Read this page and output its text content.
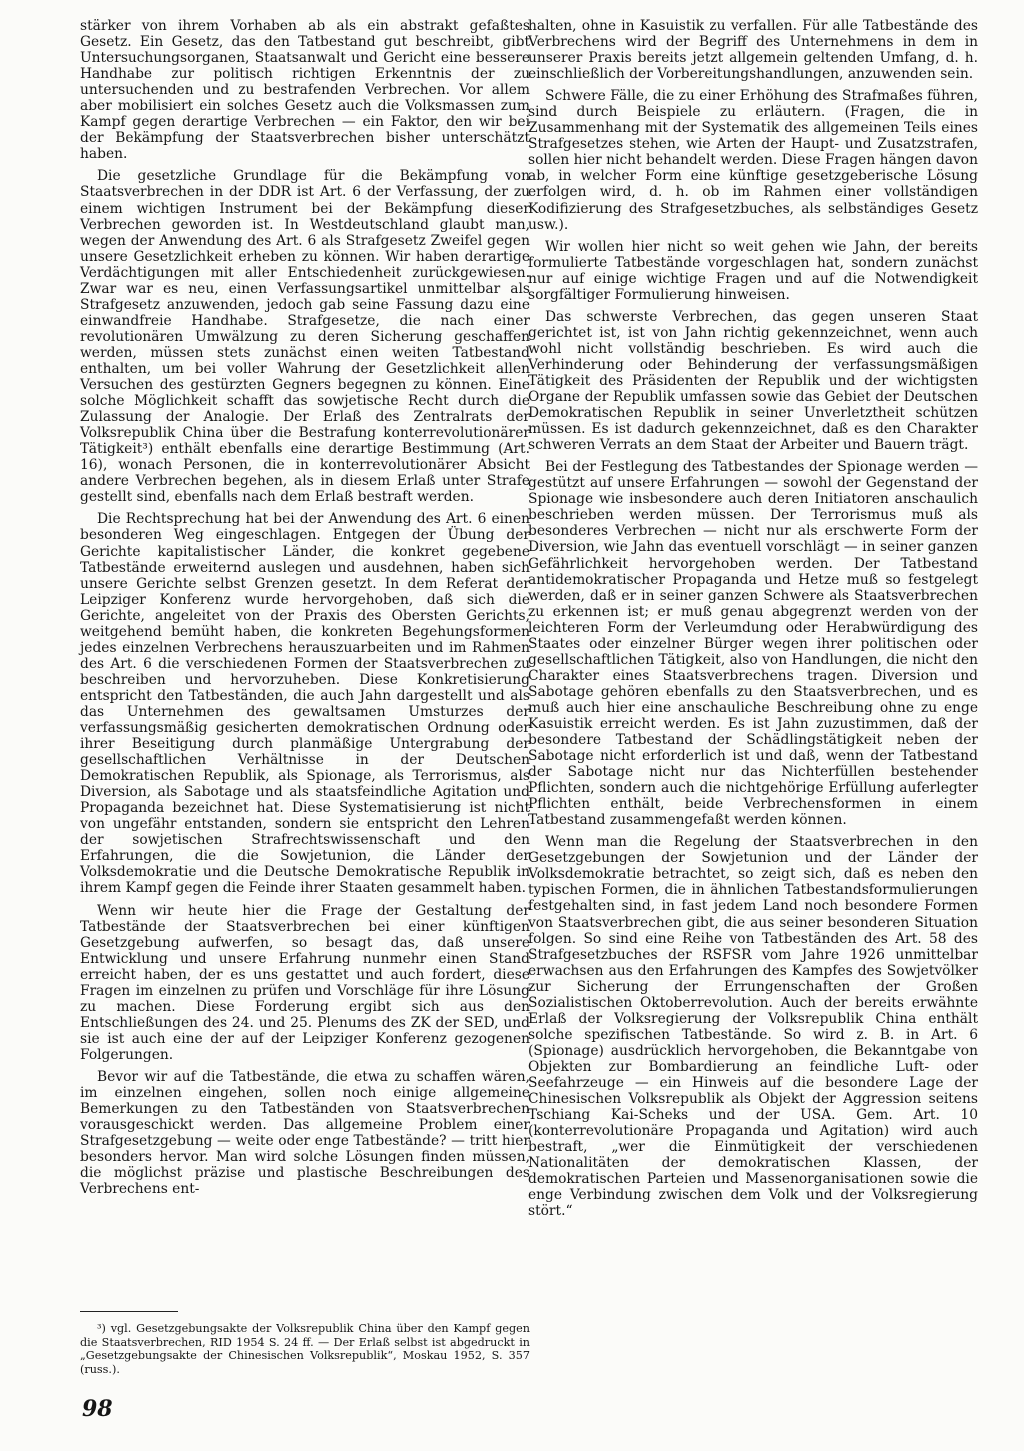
stärker von ihrem Vorhaben ab als ein abstrakt gefaßtes Gesetz. Ein Gesetz, das den Tatbestand gut beschreibt, gibt Untersuchungsorganen, Staatsanwalt und Gericht eine bessere Handhabe zur politisch richtigen Erkenntnis der zu untersuchenden und zu bestrafenden Verbrechen. Vor allem aber mobilisiert ein solches Gesetz auch die Volksmassen zum Kampf gegen derartige Verbrechen — ein Faktor, den wir bei der Bekämpfung der Staatsverbrechen bisher unterschätzt haben.

Die gesetzliche Grundlage für die Bekämpfung von Staatsverbrechen in der DDR ist Art. 6 der Verfassung, der zu einem wichtigen Instrument bei der Bekämpfung dieser Verbrechen geworden ist. In Westdeutschland glaubt man, wegen der Anwendung des Art. 6 als Strafgesetz Zweifel gegen unsere Gesetzlichkeit erheben zu können. Wir haben derartige Verdächtigungen mit aller Entschiedenheit zurückgewiesen. Zwar war es neu, einen Verfassungsartikel unmittelbar als Strafgesetz anzuwenden, jedoch gab seine Fassung dazu eine einwandfreie Handhabe. Strafgesetze, die nach einer revolutionären Umwälzung zu deren Sicherung geschaffen werden, müssen stets zunächst einen weiten Tatbestand enthalten, um bei voller Wahrung der Gesetzlichkeit allen Versuchen des gestürzten Gegners begegnen zu können. Eine solche Möglichkeit schafft das sowjetische Recht durch die Zulassung der Analogie. Der Erlaß des Zentralrats der Volksrepublik China über die Bestrafung konterrevolutionärer Tätigkeit³) enthält ebenfalls eine derartige Bestimmung (Art. 16), wonach Personen, die in konterrevolutionärer Absicht andere Verbrechen begehen, als in diesem Erlaß unter Strafe gestellt sind, ebenfalls nach dem Erlaß bestraft werden.

Die Rechtsprechung hat bei der Anwendung des Art. 6 einen besonderen Weg eingeschlagen. Entgegen der Übung der Gerichte kapitalistischer Länder, die konkret gegebene Tatbestände erweiternd auslegen und ausdehnen, haben sich unsere Gerichte selbst Grenzen gesetzt. In dem Referat der Leipziger Konferenz wurde hervorgehoben, daß sich die Gerichte, angeleitet von der Praxis des Obersten Gerichts, weitgehend bemüht haben, die konkreten Begehungsformen jedes einzelnen Verbrechens herauszuarbeiten und im Rahmen des Art. 6 die verschiedenen Formen der Staatsverbrechen zu beschreiben und hervorzuheben. Diese Konkretisierung entspricht den Tatbeständen, die auch Jahn dargestellt und als das Unternehmen des gewaltsamen Umsturzes der verfassungsmäßig gesicherten demokratischen Ordnung oder ihrer Beseitigung durch planmäßige Untergrabung der gesellschaftlichen Verhältnisse in der Deutschen Demokratischen Republik, als Spionage, als Terrorismus, als Diversion, als Sabotage und als staatsfeindliche Agitation und Propaganda bezeichnet hat. Diese Systematisierung ist nicht von ungefähr entstanden, sondern sie entspricht den Lehren der sowjetischen Strafrechtswissenschaft und den Erfahrungen, die die Sowjetunion, die Länder der Volksdemokratie und die Deutsche Demokratische Republik in ihrem Kampf gegen die Feinde ihrer Staaten gesammelt haben.

Wenn wir heute hier die Frage der Gestaltung der Tatbestände der Staatsverbrechen bei einer künftigen Gesetzgebung aufwerfen, so besagt das, daß unsere Entwicklung und unsere Erfahrung nunmehr einen Stand erreicht haben, der es uns gestattet und auch fordert, diese Fragen im einzelnen zu prüfen und Vorschläge für ihre Lösung zu machen. Diese Forderung ergibt sich aus den Entschließungen des 24. und 25. Plenums des ZK der SED, und sie ist auch eine der auf der Leipziger Konferenz gezogenen Folgerungen.

Bevor wir auf die Tatbestände, die etwa zu schaffen wären, im einzelnen eingehen, sollen noch einige allgemeine Bemerkungen zu den Tatbeständen von Staatsverbrechen vorausgeschickt werden. Das allgemeine Problem einer Strafgesetzgebung — weite oder enge Tatbestände? — tritt hier besonders hervor. Man wird solche Lösungen finden müssen, die möglichst präzise und plastische Beschreibungen des Verbrechens ent-

halten, ohne in Kasuistik zu verfallen. Für alle Tatbestände des Verbrechens wird der Begriff des Unternehmens in dem in unserer Praxis bereits jetzt allgemein geltenden Umfang, d. h. einschließlich der Vorbereitungshandlungen, anzuwenden sein.

Schwere Fälle, die zu einer Erhöhung des Strafmaßes führen, sind durch Beispiele zu erläutern. (Fragen, die in Zusammenhang mit der Systematik des allgemeinen Teils eines Strafgesetzes stehen, wie Arten der Haupt- und Zusatzstrafen, sollen hier nicht behandelt werden. Diese Fragen hängen davon ab, in welcher Form eine künftige gesetzgeberische Lösung erfolgen wird, d. h. ob im Rahmen einer vollständigen Kodifizierung des Strafgesetzbuches, als selbständiges Gesetz usw.).

Wir wollen hier nicht so weit gehen wie Jahn, der bereits formulierte Tatbestände vorgeschlagen hat, sondern zunächst nur auf einige wichtige Fragen und auf die Notwendigkeit sorgfältiger Formulierung hinweisen.

Das schwerste Verbrechen, das gegen unseren Staat gerichtet ist, ist von Jahn richtig gekennzeichnet, wenn auch wohl nicht vollständig beschrieben. Es wird auch die Verhinderung oder Behinderung der verfassungsmäßigen Tätigkeit des Präsidenten der Republik und der wichtigsten Organe der Republik umfassen sowie das Gebiet der Deutschen Demokratischen Republik in seiner Unverletztheit schützen müssen. Es ist dadurch gekennzeichnet, daß es den Charakter schweren Verrats an dem Staat der Arbeiter und Bauern trägt.

Bei der Festlegung des Tatbestandes der Spionage werden — gestützt auf unsere Erfahrungen — sowohl der Gegenstand der Spionage wie insbesondere auch deren Initiatoren anschaulich beschrieben werden müssen. Der Terrorismus muß als besonderes Verbrechen — nicht nur als erschwerte Form der Diversion, wie Jahn das eventuell vorschlägt — in seiner ganzen Gefährlichkeit hervorgehoben werden. Der Tatbestand antidemokratischer Propaganda und Hetze muß so festgelegt werden, daß er in seiner ganzen Schwere als Staatsverbrechen zu erkennen ist; er muß genau abgegrenzt werden von der leichteren Form der Verleumdung oder Herabwürdigung des Staates oder einzelner Bürger wegen ihrer politischen oder gesellschaftlichen Tätigkeit, also von Handlungen, die nicht den Charakter eines Staatsverbrechens tragen. Diversion und Sabotage gehören ebenfalls zu den Staatsverbrechen, und es muß auch hier eine anschauliche Beschreibung ohne zu enge Kasuistik erreicht werden. Es ist Jahn zuzustimmen, daß der besondere Tatbestand der Schädlingstätigkeit neben der Sabotage nicht erforderlich ist und daß, wenn der Tatbestand der Sabotage nicht nur das Nichterfüllen bestehender Pflichten, sondern auch die nichtgehörige Erfüllung auferlegter Pflichten enthält, beide Verbrechensformen in einem Tatbestand zusammengefaßt werden können.

Wenn man die Regelung der Staatsverbrechen in den Gesetzgebungen der Sowjetunion und der Länder der Volksdemokratie betrachtet, so zeigt sich, daß es neben den typischen Formen, die in ähnlichen Tatbestandsformulierungen festgehalten sind, in fast jedem Land noch besondere Formen von Staatsverbrechen gibt, die aus seiner besonderen Situation folgen. So sind eine Reihe von Tatbeständen des Art. 58 des Strafgesetzbuches der RSFSR vom Jahre 1926 unmittelbar erwachsen aus den Erfahrungen des Kampfes des Sowjetvölker zur Sicherung der Errungenschaften der Großen Sozialistischen Oktoberrevolution. Auch der bereits erwähnte Erlaß der Volksregierung der Volksrepublik China enthält solche spezifischen Tatbestände. So wird z. B. in Art. 6 (Spionage) ausdrücklich hervorgehoben, die Bekanntgabe von Objekten zur Bombardierung an feindliche Luft- oder Seefahrzeuge — ein Hinweis auf die besondere Lage der Chinesischen Volksrepublik als Objekt der Aggression seitens Tschiang Kai-Scheks und der USA. Gem. Art. 10 (konterrevolutionäre Propaganda und Agitation) wird auch bestraft, „wer die Einmütigkeit der verschiedenen Nationalitäten der demokratischen Klassen, der demokratischen Parteien und Massenorganisationen sowie die enge Verbindung zwischen dem Volk und der Volksregierung stört.“

³) vgl. Gesetzgebungsakte der Volksrepublik China über den Kampf gegen die Staatsverbrechen, RID 1954 S. 24 ff. — Der Erlaß selbst ist abgedruckt in „Gesetzgebungsakte der Chinesischen Volksrepublik“, Moskau 1952, S. 357 (russ.).

98
